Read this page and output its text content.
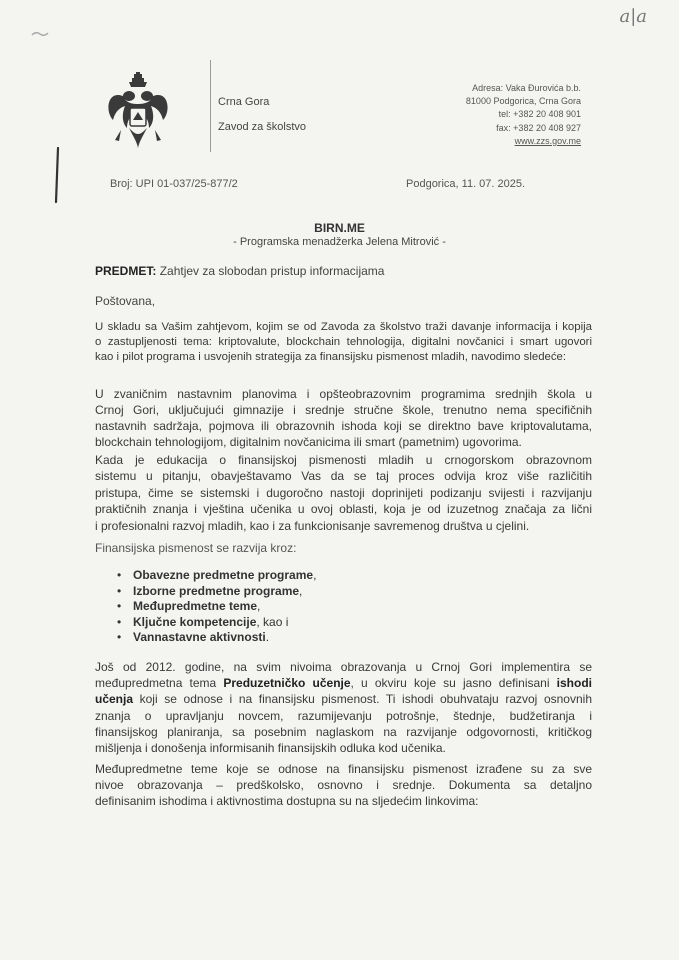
a|a
Crna Gora
Zavod za školstvo
Adresa: Vaka Đurovića b.b.
81000 Podgorica, Crna Gora
tel: +382 20 408 901
fax: +382 20 408 927
www.zzs.gov.me
Broj: UPI 01-037/25-877/2	Podgorica, 11. 07. 2025.
BIRN.ME
- Programska menadžerka Jelena Mitrović -
PREDMET: Zahtjev za slobodan pristup informacijama
Poštovana,
U skladu sa Vašim zahtjevom, kojim se od Zavoda za školstvo traži davanje informacija i kopija
o zastupljenosti tema: kriptovalute, blockchain tehnologija, digitalni novčanici i smart ugovori
kao i pilot programa i usvojenih strategija za finansijsku pismenost mladih, navodimo sledeće:
U zvaničnim nastavnim planovima i opšteobrazovnim programima srednjih škola u
Crnoj Gori, uključujući gimnazije i srednje stručne škole, trenutno nema specifičnih
nastavnih sadržaja, pojmova ili obrazovnih ishoda koji se direktno bave kriptovalutama,
blockchain tehnologijom, digitalnim novčanicima ili smart (pametnim) ugovorima.
Kada je edukacija o finansijskoj pismenosti mladih u crnogorskom obrazovnom
sistemu u pitanju, obavještavamo Vas da se taj proces odvija kroz više različitih
pristupa, čime se sistemski i dugoročno nastoji doprinijeti podizanju svijesti i razvijanju
praktičnih znanja i vještina učenika u ovoj oblasti, koja je od izuzetnog značaja za lični
i profesionalni razvoj mladih, kao i za funkcionisanje savremenog društva u cjelini.
Finansijska pismenost se razvija kroz:
• Obavezne predmetne programe,
• Izborne predmetne programe,
• Međupredmetne teme,
• Ključne kompetencije, kao i
• Vannastavne aktivnosti.
Još od 2012. godine, na svim nivoima obrazovanja u Crnoj Gori implementira se
međupredmetna tema Preduzetničko učenje, u okviru koje su jasno definisani ishodi
učenja koji se odnose i na finansijsku pismenost. Ti ishodi obuhvataju razvoj osnovnih
znanja o upravljanju novcem, razumijevanju potrošnje, štednje, budžetiranja i
finansijskog planiranja, sa posebnim naglaskom na razvijanje odgovornosti, kritičkog
mišljenja i donošenja informisanih finansijskih odluka kod učenika.
Međupredmetne teme koje se odnose na finansijsku pismenost izrađene su za sve
nivoe obrazovanja – predškolsko, osnovno i srednje. Dokumenta sa detaljno
definisanim ishodima i aktivnostima dostupna su na sljedećim linkovima:
